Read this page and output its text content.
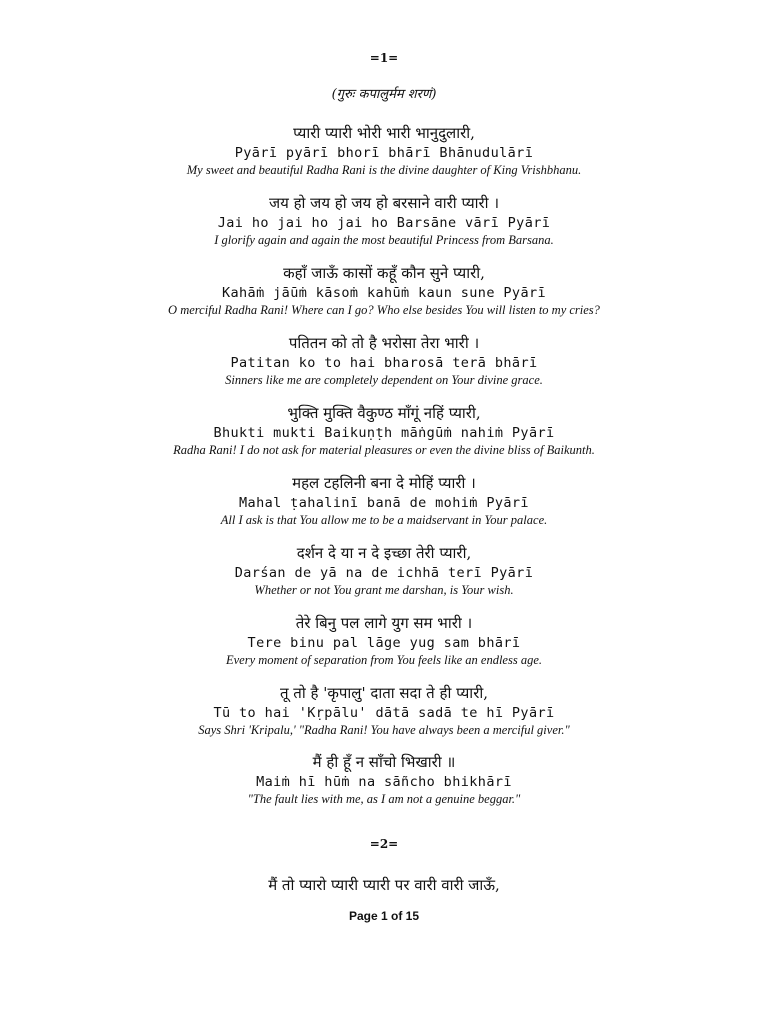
=1=
(गुरुः कपालुर्मम शरणं)
प्यारी प्यारी भोरी भारी भानुदुलारी,
Pyārī pyārī bhorī bhārī Bhānudulārī
My sweet and beautiful Radha Rani is the divine daughter of King Vrishbhanu.
जय हो जय हो जय हो बरसाने वारी प्यारी ।
Jai ho jai ho jai ho Barsāne vārī Pyārī
I glorify again and again the most beautiful Princess from Barsana.
कहाँ जाऊँ कासों कहूँ कौन सुने प्यारी,
Kahāṁ jāūṁ kāsoṁ kahūṁ kaun sune Pyārī
O merciful Radha Rani! Where can I go? Who else besides You will listen to my cries?
पतितन को तो है भरोसा तेरा भारी ।
Patitan ko to hai bharosā terā bhārī
Sinners like me are completely dependent on Your divine grace.
भुक्ति मुक्ति वैकुण्ठ माँगूं नहिं प्यारी,
Bhukti mukti Baikuṇṭh māṅgūṁ nahiṁ Pyārī
Radha Rani! I do not ask for material pleasures or even the divine bliss of Baikunth.
महल टहलिनी बना दे मोहिं प्यारी ।
Mahal ṭahalinī banā de mohiṁ Pyārī
All I ask is that You allow me to be a maidservant in Your palace.
दर्शन दे या न दे इच्छा तेरी प्यारी,
Darśan de yā na de ichhā terī Pyārī
Whether or not You grant me darshan, is Your wish.
तेरे बिनु पल लागे युग सम भारी ।
Tere binu pal lāge yug sam bhārī
Every moment of separation from You feels like an endless age.
तू तो है 'कृपालु' दाता सदा ते ही प्यारी,
Tū to hai 'Kṛpālu' dātā sadā te hī Pyārī
Says Shri 'Kripalu,' "Radha Rani! You have always been a merciful giver."
मैं ही हूँ न साँचो भिखारी ॥
Maiṁ hī hūṁ na sāñcho bhikhārī
"The fault lies with me, as I am not a genuine beggar."
=2=
मैं तो प्यारो प्यारी प्यारी पर वारी वारी जाऊँ,
Page 1 of 15
